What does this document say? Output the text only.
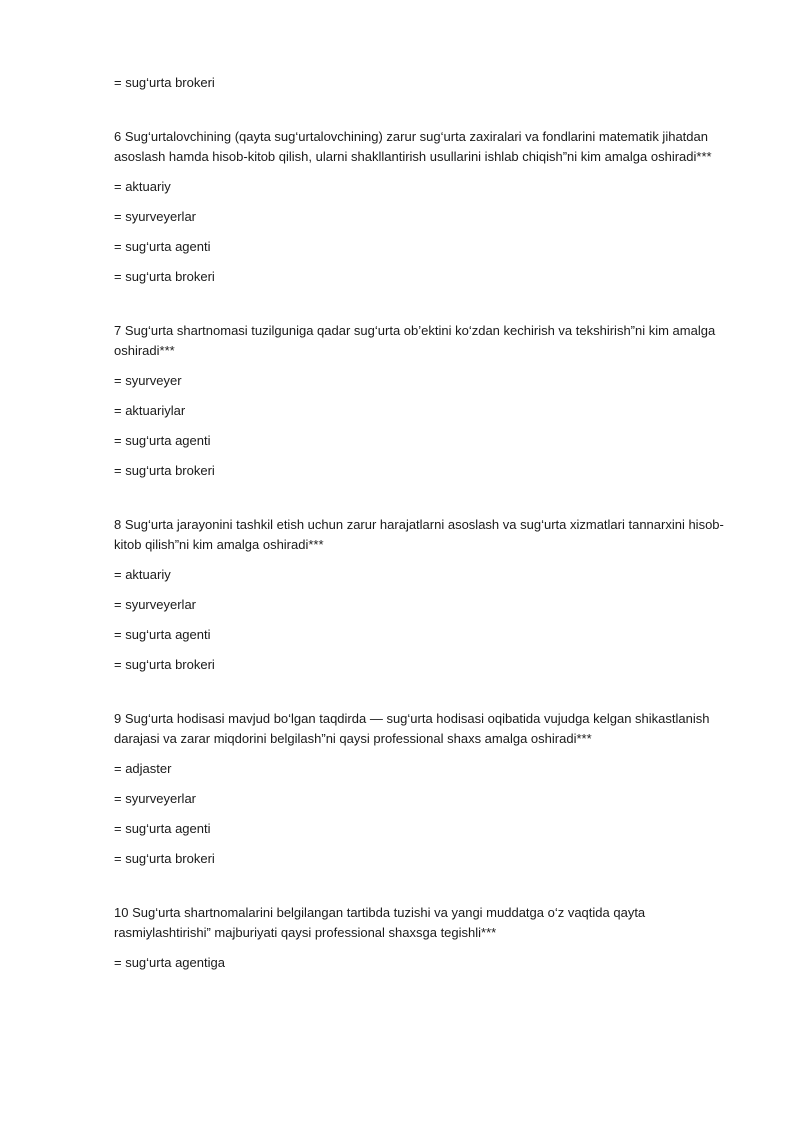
= sug‘urta brokeri

6 Sug‘urtalovchining (qayta sug‘urtalovchining) zarur sug‘urta zaxiralari va fondlarini matematik jihatdan asoslash hamda hisob-kitob qilish, ularni shakllantirish usullarini ishlab chiqish”ni kim amalga oshiradi***

= aktuariy

= syurveyerlar

= sug‘urta agenti

= sug‘urta brokeri

7 Sug‘urta shartnomasi tuzilguniga qadar sug‘urta ob’ektini ko‘zdan kechirish va tekshirish”ni kim amalga oshiradi***

= syurveyer

= aktuariylar

= sug‘urta agenti

= sug‘urta brokeri

8 Sug‘urta jarayonini tashkil etish uchun zarur harajatlarni asoslash va sug‘urta xizmatlari tannarxini hisob-kitob qilish”ni kim amalga oshiradi***

= aktuariy

= syurveyerlar

= sug‘urta agenti

= sug‘urta brokeri

9 Sug‘urta hodisasi mavjud bo‘lgan taqdirda — sug‘urta hodisasi oqibatida vujudga kelgan shikastlanish darajasi va zarar miqdorini belgilash”ni qaysi professional shaxs amalga oshiradi***

= adjaster

= syurveyerlar

= sug‘urta agenti

= sug‘urta brokeri

10 Sug‘urta shartnomalarini belgilangan tartibda tuzishi va yangi muddatga o‘z vaqtida qayta rasmiylashtirishi” majburiyati qaysi professional shaxsga tegishli***

= sug‘urta agentiga
